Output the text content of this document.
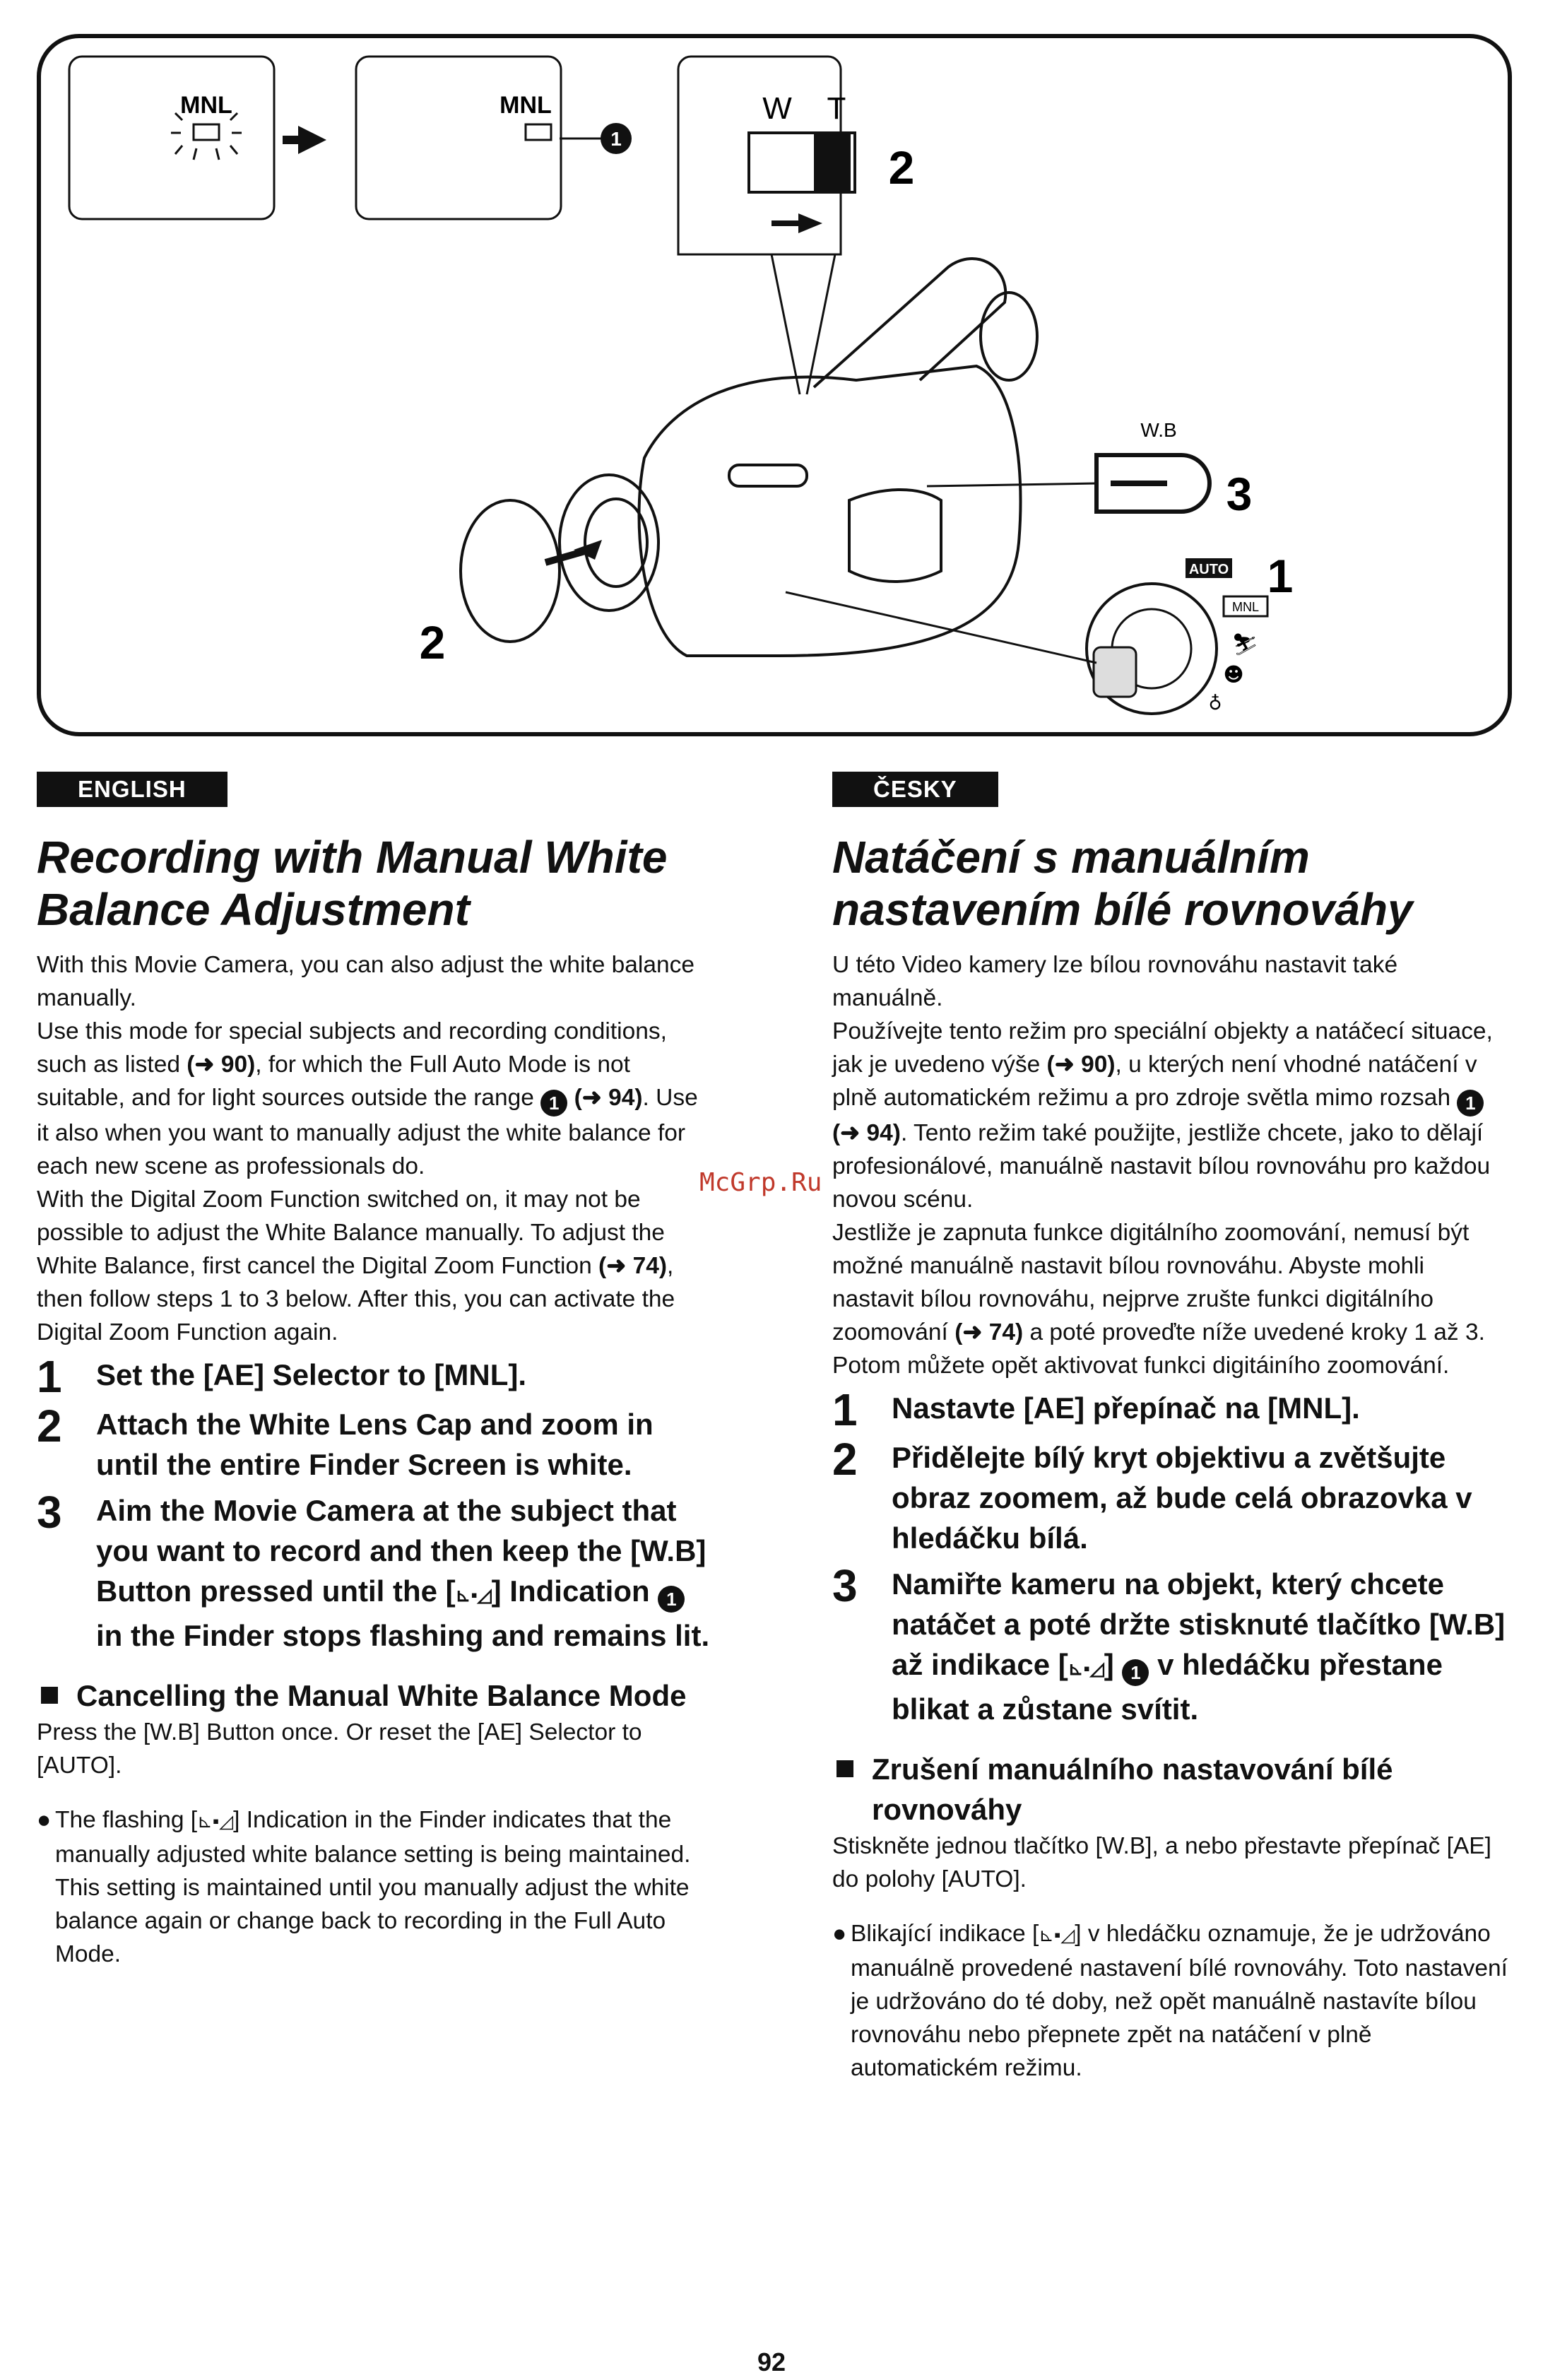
MNL	MNL
1
W T
2
2
W.B
3
AUTO 1
MNL
⛷
☻
♁
ENGLISH
Recording with Manual White
Balance Adjustment

With this Movie Camera, you can also adjust the white balance manually.

Use this mode for special subjects and recording conditions, such as listed (➜ 90), for which the Full Auto Mode is not suitable, and for light sources outside the range 1 (➜ 94). Use it also when you want to manually adjust the white balance for each new scene as professionals do.

With the Digital Zoom Function switched on, it may not be possible to adjust the White Balance manually. To adjust the White Balance, first cancel the Digital Zoom Function (➜ 74), then follow steps 1 to 3 below. After this, you can activate the Digital Zoom Function again.

1	Set the [AE] Selector to [MNL].
2	Attach the White Lens Cap and zoom in until the entire Finder Screen is white.
3	Aim the Movie Camera at the subject that you want to record and then keep the [W.B] Button pressed until the [⊾▪◿] Indication 1 in the Finder stops flashing and remains lit.
Cancelling the Manual White Balance Mode

Press the [W.B] Button once. Or reset the [AE] Selector to [AUTO].

● The flashing [⊾▪◿] Indication in the Finder indicates that the manually adjusted white balance setting is being maintained. This setting is maintained until you manually adjust the white balance again or change back to recording in the Full Auto Mode.
ČESKY
Natáčení s manuálním
nastavením bílé rovnováhy

U této Video kamery lze bílou rovnováhu nastavit také manuálně.

Používejte tento režim pro speciální objekty a natáčecí situace, jak je uvedeno výše (➜ 90), u kterých není vhodné natáčení v plně automatickém režimu a pro zdroje světla mimo rozsah 1 (➜ 94). Tento režim také použijte, jestliže chcete, jako to dělají profesionálové, manuálně nastavit bílou rovnováhu pro každou novou scénu.

Jestliže je zapnuta funkce digitálního zoomování, nemusí být možné manuálně nastavit bílou rovnováhu. Abyste mohli nastavit bílou rovnováhu, nejprve zrušte funkci digitálního zoomování (➜ 74) a poté proveďte níže uvedené kroky 1 až 3. Potom můžete opět aktivovat funkci digitáiního zoomování.

1	Nastavte [AE] přepínač na [MNL].
2	Přidělejte bílý kryt objektivu a zvětšujte obraz zoomem, až bude celá obrazovka v hledáčku bílá.
3	Namiřte kameru na objekt, který chcete natáčet a poté držte stisknuté tlačítko [W.B] až indikace [⊾▪◿] 1 v hledáčku přestane blikat a zůstane svítit.
Zrušení manuálního nastavování bílé rovnováhy

Stiskněte jednou tlačítko [W.B], a nebo přestavte přepínač [AE] do polohy [AUTO].

● Blikající indikace [⊾▪◿] v hledáčku oznamuje, že je udržováno manuálně provedené nastavení bílé rovnováhy. Toto nastavení je udržováno do té doby, než opět manuálně nastavíte bílou rovnováhu nebo přepnete zpět na natáčení v plně automatickém režimu.
McGrp.Ru
92
